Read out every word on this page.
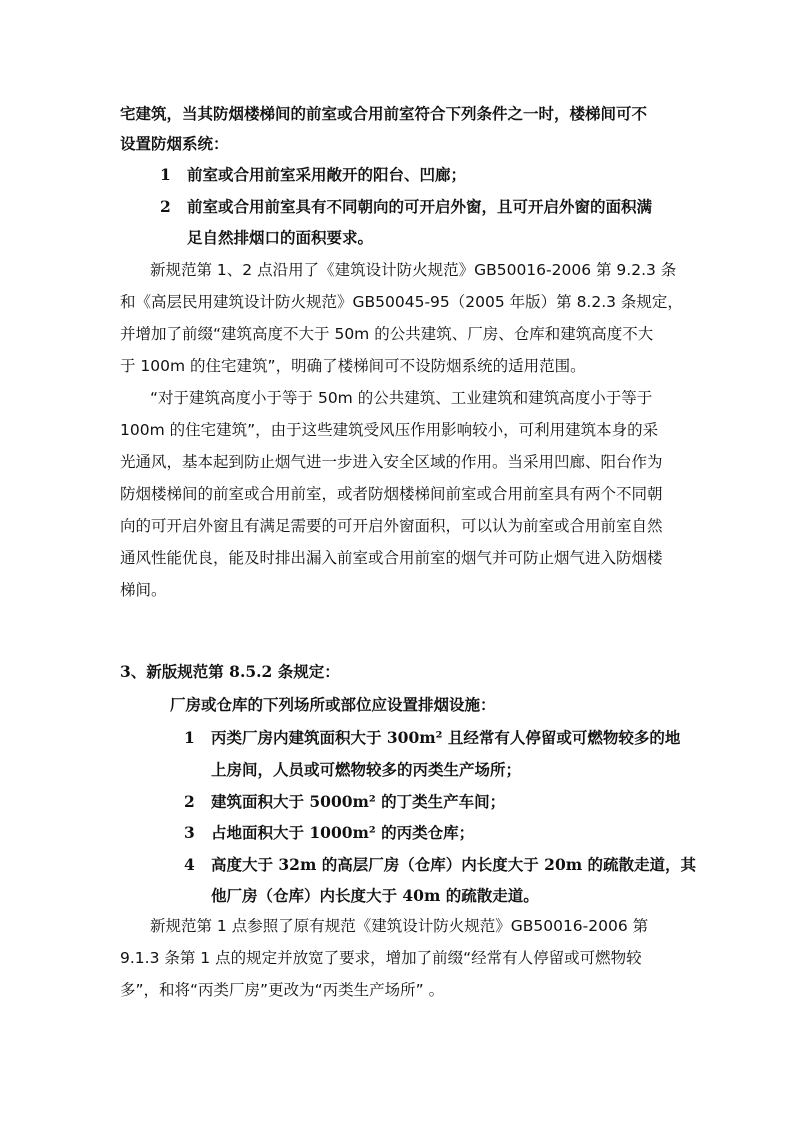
宅建筑，当其防烟楼梯间的前室或合用前室符合下列条件之一时，楼梯间可不
设置防烟系统：
1 前室或合用前室采用敞开的阳台、凹廊；
2 前室或合用前室具有不同朝向的可开启外窗，且可开启外窗的面积满
足自然排烟口的面积要求。
新规范第 1、2 点沿用了《建筑设计防火规范》GB50016-2006 第 9.2.3 条
和《高层民用建筑设计防火规范》GB50045-95（2005 年版）第 8.2.3 条规定，
并增加了前缀“建筑高度不大于 50m 的公共建筑、厂房、仓库和建筑高度不大
于 100m 的住宅建筑”，明确了楼梯间可不设防烟系统的适用范围。
“对于建筑高度小于等于 50m 的公共建筑、工业建筑和建筑高度小于等于
100m 的住宅建筑”，由于这些建筑受风压作用影响较小，可利用建筑本身的采
光通风，基本起到防止烟气进一步进入安全区域的作用。当采用凹廊、阳台作为
防烟楼梯间的前室或合用前室，或者防烟楼梯间前室或合用前室具有两个不同朝
向的可开启外窗且有满足需要的可开启外窗面积，可以认为前室或合用前室自然
通风性能优良，能及时排出漏入前室或合用前室的烟气并可防止烟气进入防烟楼
梯间。
3、新版规范第 8.5.2 条规定：
厂房或仓库的下列场所或部位应设置排烟设施：
1 丙类厂房内建筑面积大于 300m² 且经常有人停留或可燃物较多的地
上房间，人员或可燃物较多的丙类生产场所；
2 建筑面积大于 5000m² 的丁类生产车间；
3 占地面积大于 1000m² 的丙类仓库；
4 高度大于 32m 的高层厂房（仓库）内长度大于 20m 的疏散走道，其
他厂房（仓库）内长度大于 40m 的疏散走道。
新规范第 1 点参照了原有规范《建筑设计防火规范》GB50016-2006 第
9.1.3 条第 1 点的规定并放宽了要求，增加了前缀“经常有人停留或可燃物较
多”，和将“丙类厂房”更改为“丙类生产场所” 。
